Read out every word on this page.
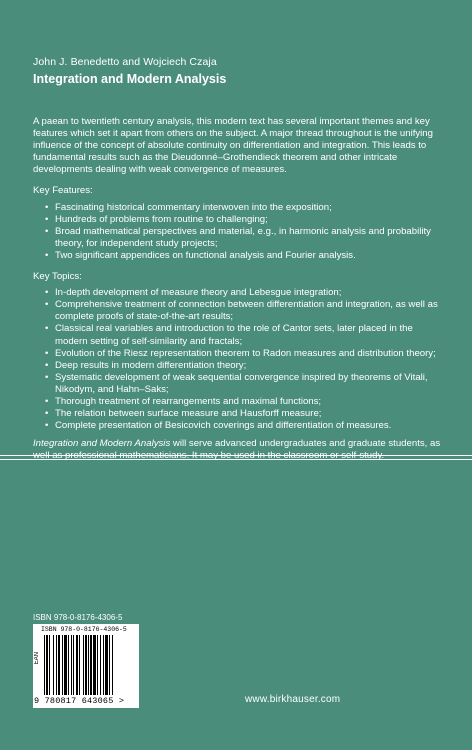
John J. Benedetto and Wojciech Czaja
Integration and Modern Analysis

A paean to twentieth century analysis, this modern text has several important themes and key features which set it apart from others on the subject. A major thread throughout is the unifying influence of the concept of absolute continuity on differentiation and integration. This leads to fundamental results such as the Dieudonné–Grothendieck theorem and other intricate developments dealing with weak convergence of measures.

Key Features:

• Fascinating historical commentary interwoven into the exposition;
• Hundreds of problems from routine to challenging;
• Broad mathematical perspectives and material, e.g., in harmonic analysis and probability theory, for independent study projects;
• Two significant appendices on functional analysis and Fourier analysis.

Key Topics:

• In-depth development of measure theory and Lebesgue integration;
• Comprehensive treatment of connection between differentiation and integration, as well as complete proofs of state-of-the-art results;
• Classical real variables and introduction to the role of Cantor sets, later placed in the modern setting of self-similarity and fractals;
• Evolution of the Riesz representation theorem to Radon measures and distribution theory;
• Deep results in modern differentiation theory;
• Systematic development of weak sequential convergence inspired by theorems of Vitali, Nikodym, and Hahn–Saks;
• Thorough treatment of rearrangements and maximal functions;
• The relation between surface measure and Hausforff measure;
• Complete presentation of Besicovich coverings and differentiation of measures.

Integration and Modern Analysis will serve advanced undergraduates and graduate students, as

ISBN 978-0-8176-4306-5
ISBN 978-0-8176-4306-5
EAN
9 780817 643065 >	www.birkhauser.com
